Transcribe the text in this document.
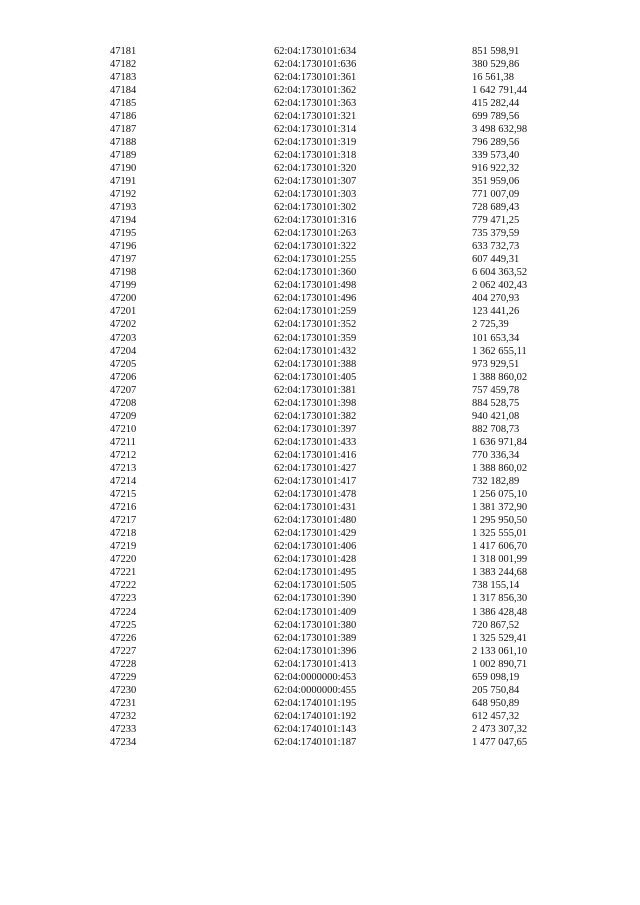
47181	62:04:1730101:634	851 598,91
47182	62:04:1730101:636	380 529,86
47183	62:04:1730101:361	16 561,38
47184	62:04:1730101:362	1 642 791,44
47185	62:04:1730101:363	415 282,44
47186	62:04:1730101:321	699 789,56
47187	62:04:1730101:314	3 498 632,98
47188	62:04:1730101:319	796 289,56
47189	62:04:1730101:318	339 573,40
47190	62:04:1730101:320	916 922,32
47191	62:04:1730101:307	351 959,06
47192	62:04:1730101:303	771 007,09
47193	62:04:1730101:302	728 689,43
47194	62:04:1730101:316	779 471,25
47195	62:04:1730101:263	735 379,59
47196	62:04:1730101:322	633 732,73
47197	62:04:1730101:255	607 449,31
47198	62:04:1730101:360	6 604 363,52
47199	62:04:1730101:498	2 062 402,43
47200	62:04:1730101:496	404 270,93
47201	62:04:1730101:259	123 441,26
47202	62:04:1730101:352	2 725,39
47203	62:04:1730101:359	101 653,34
47204	62:04:1730101:432	1 362 655,11
47205	62:04:1730101:388	973 929,51
47206	62:04:1730101:405	1 388 860,02
47207	62:04:1730101:381	757 459,78
47208	62:04:1730101:398	884 528,75
47209	62:04:1730101:382	940 421,08
47210	62:04:1730101:397	882 708,73
47211	62:04:1730101:433	1 636 971,84
47212	62:04:1730101:416	770 336,34
47213	62:04:1730101:427	1 388 860,02
47214	62:04:1730101:417	732 182,89
47215	62:04:1730101:478	1 256 075,10
47216	62:04:1730101:431	1 381 372,90
47217	62:04:1730101:480	1 295 950,50
47218	62:04:1730101:429	1 325 555,01
47219	62:04:1730101:406	1 417 606,70
47220	62:04:1730101:428	1 318 001,99
47221	62:04:1730101:495	1 383 244,68
47222	62:04:1730101:505	738 155,14
47223	62:04:1730101:390	1 317 856,30
47224	62:04:1730101:409	1 386 428,48
47225	62:04:1730101:380	720 867,52
47226	62:04:1730101:389	1 325 529,41
47227	62:04:1730101:396	2 133 061,10
47228	62:04:1730101:413	1 002 890,71
47229	62:04:0000000:453	659 098,19
47230	62:04:0000000:455	205 750,84
47231	62:04:1740101:195	648 950,89
47232	62:04:1740101:192	612 457,32
47233	62:04:1740101:143	2 473 307,32
47234	62:04:1740101:187	1 477 047,65
